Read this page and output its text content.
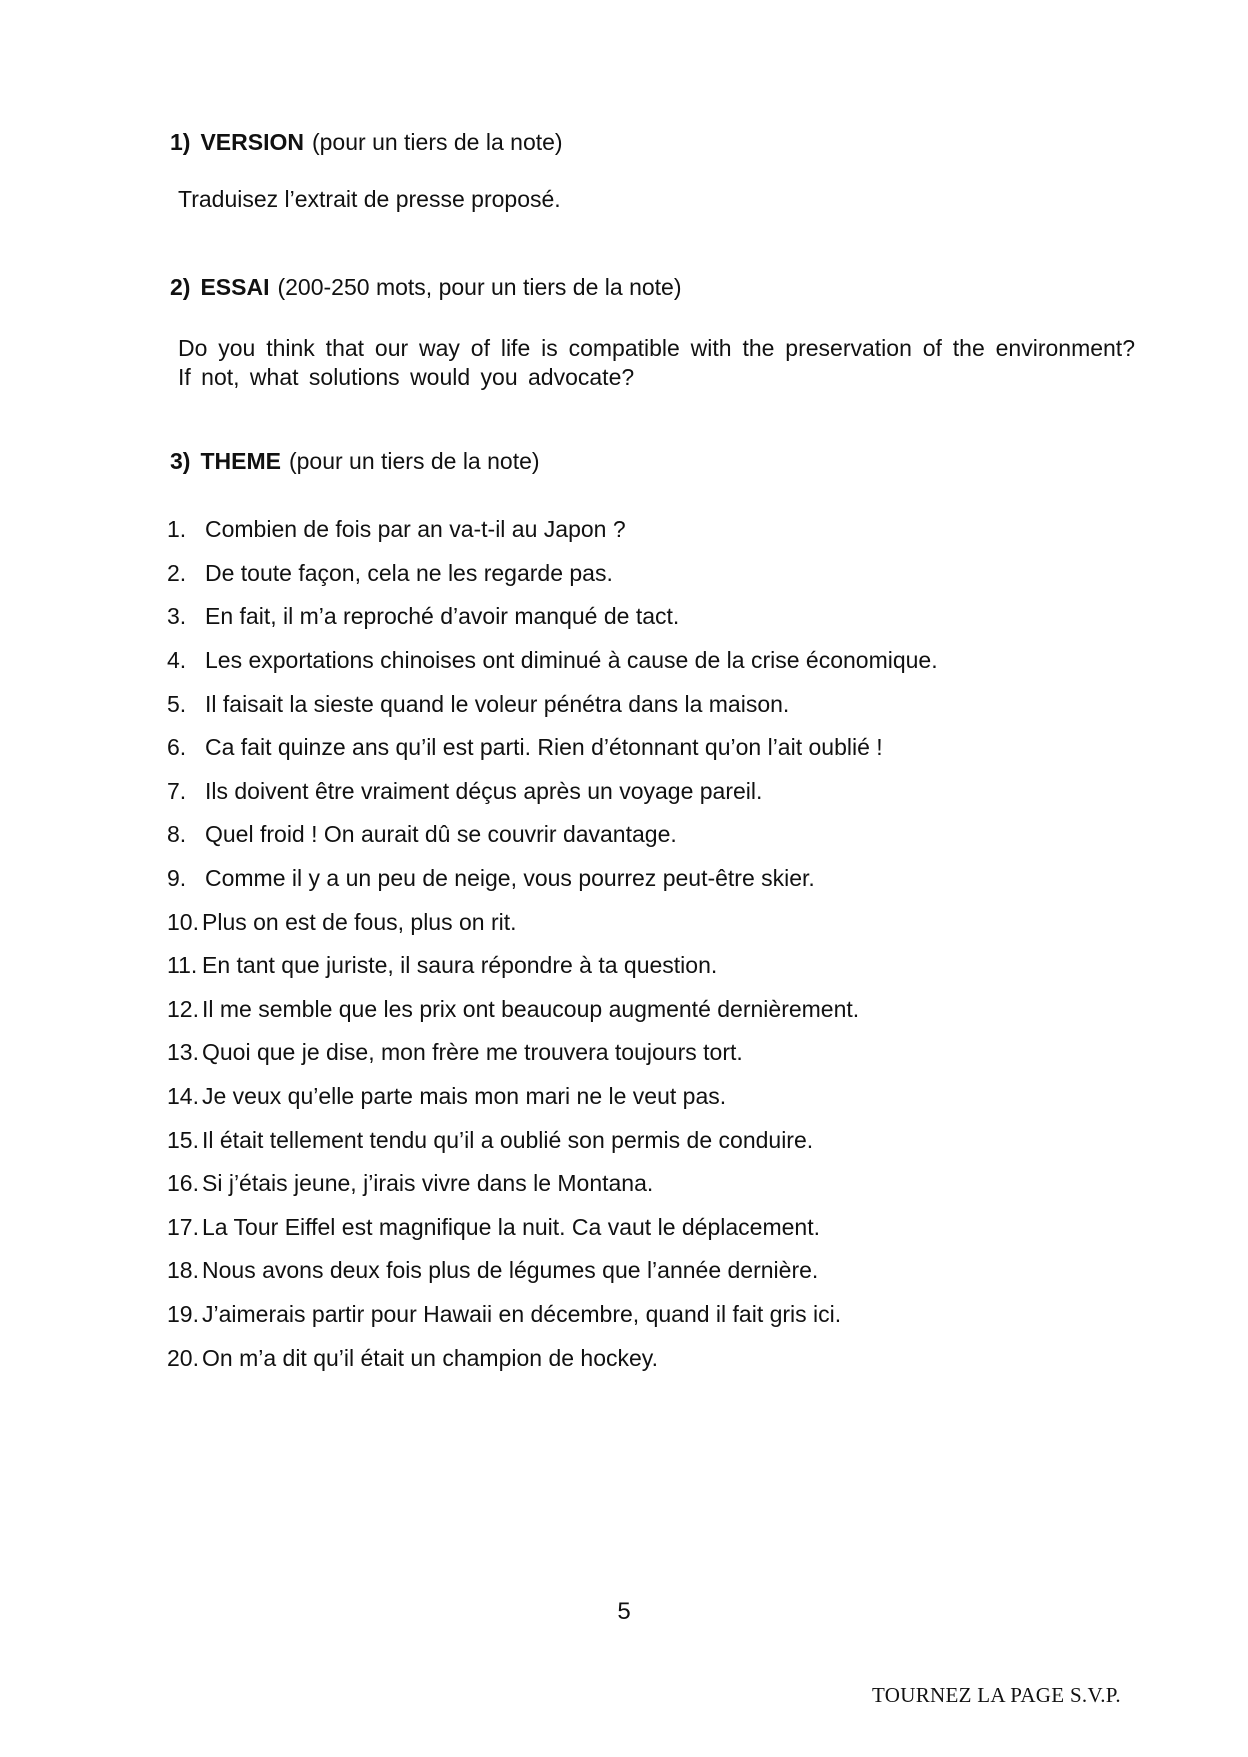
1) VERSION (pour un tiers de la note)
Traduisez l’extrait de presse proposé.
2) ESSAI (200-250 mots, pour un tiers de la note)
Do you think that our way of life is compatible with the preservation of the environment? If not, what solutions would you advocate?
3) THEME (pour un tiers de la note)
1. Combien de fois par an va-t-il au Japon ?
2. De toute façon, cela ne les regarde pas.
3. En fait, il m’a reproché d’avoir manqué de tact.
4. Les exportations chinoises ont diminué à cause de la crise économique.
5. Il faisait la sieste quand le voleur pénétra dans la maison.
6. Ca fait quinze ans qu’il est parti. Rien d’étonnant qu’on l’ait oublié !
7. Ils doivent être vraiment déçus après un voyage pareil.
8. Quel froid ! On aurait dû se couvrir davantage.
9. Comme il y a un peu de neige, vous pourrez peut-être skier.
10. Plus on est de fous, plus on rit.
11. En tant que juriste, il saura répondre à ta question.
12. Il me semble que les prix ont beaucoup augmenté dernièrement.
13. Quoi que je dise, mon frère me trouvera toujours tort.
14. Je veux qu’elle parte mais mon mari ne le veut pas.
15. Il était tellement tendu qu’il a oublié son permis de conduire.
16. Si j’étais jeune, j’irais vivre dans le Montana.
17. La Tour Eiffel est magnifique la nuit. Ca vaut le déplacement.
18. Nous avons deux fois plus de légumes que l’année dernière.
19. J’aimerais partir pour Hawaii en décembre, quand il fait gris ici.
20. On m’a dit qu’il était un champion de hockey.
5
TOURNEZ LA PAGE S.V.P.
